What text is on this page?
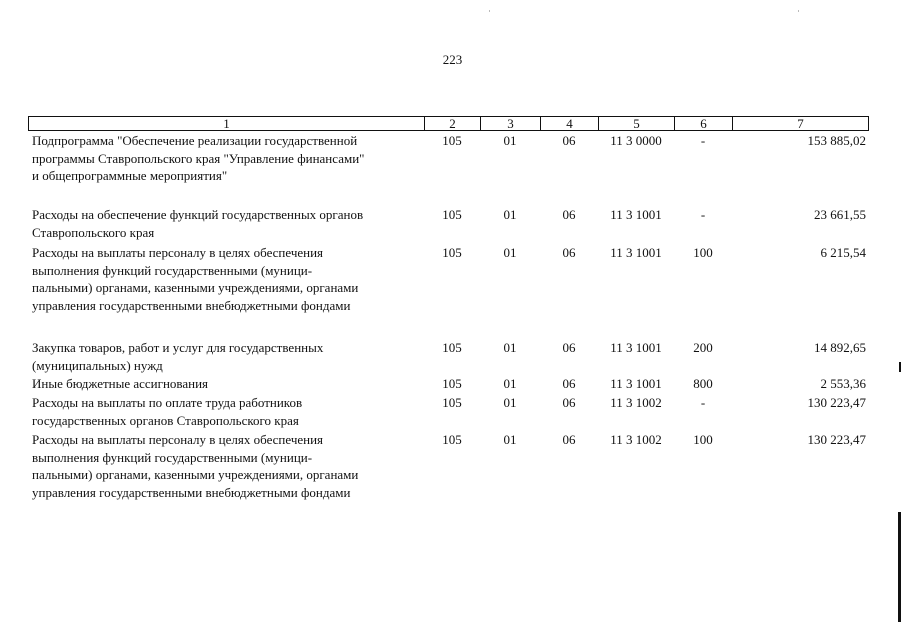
223
1	2	3	4	5	6	7
Подпрограмма "Обеспечение реализации государственной
программы Ставропольского края "Управление финансами"
и общепрограммные мероприятия"
105	01	06	11 3 0000	-	153 885,02
Расходы на обеспечение функций государственных органов
Ставропольского края
105	01	06	11 3 1001	-	23 661,55
Расходы на выплаты персоналу в целях обеспечения
выполнения функций государственными (муници-
пальными) органами, казенными учреждениями, органами
управления государственными внебюджетными фондами
105	01	06	11 3 1001	100	6 215,54
Закупка товаров, работ и услуг для государственных
(муниципальных) нужд
105	01	06	11 3 1001	200	14 892,65
Иные бюджетные ассигнования	105	01	06	11 3 1001	800	2 553,36
Расходы на выплаты по оплате труда работников
государственных органов Ставропольского края
105	01	06	11 3 1002	-	130 223,47
Расходы на выплаты персоналу в целях обеспечения
выполнения функций государственными (муници-
пальными) органами, казенными учреждениями, органами
управления государственными внебюджетными фондами
105	01	06	11 3 1002	100	130 223,47
